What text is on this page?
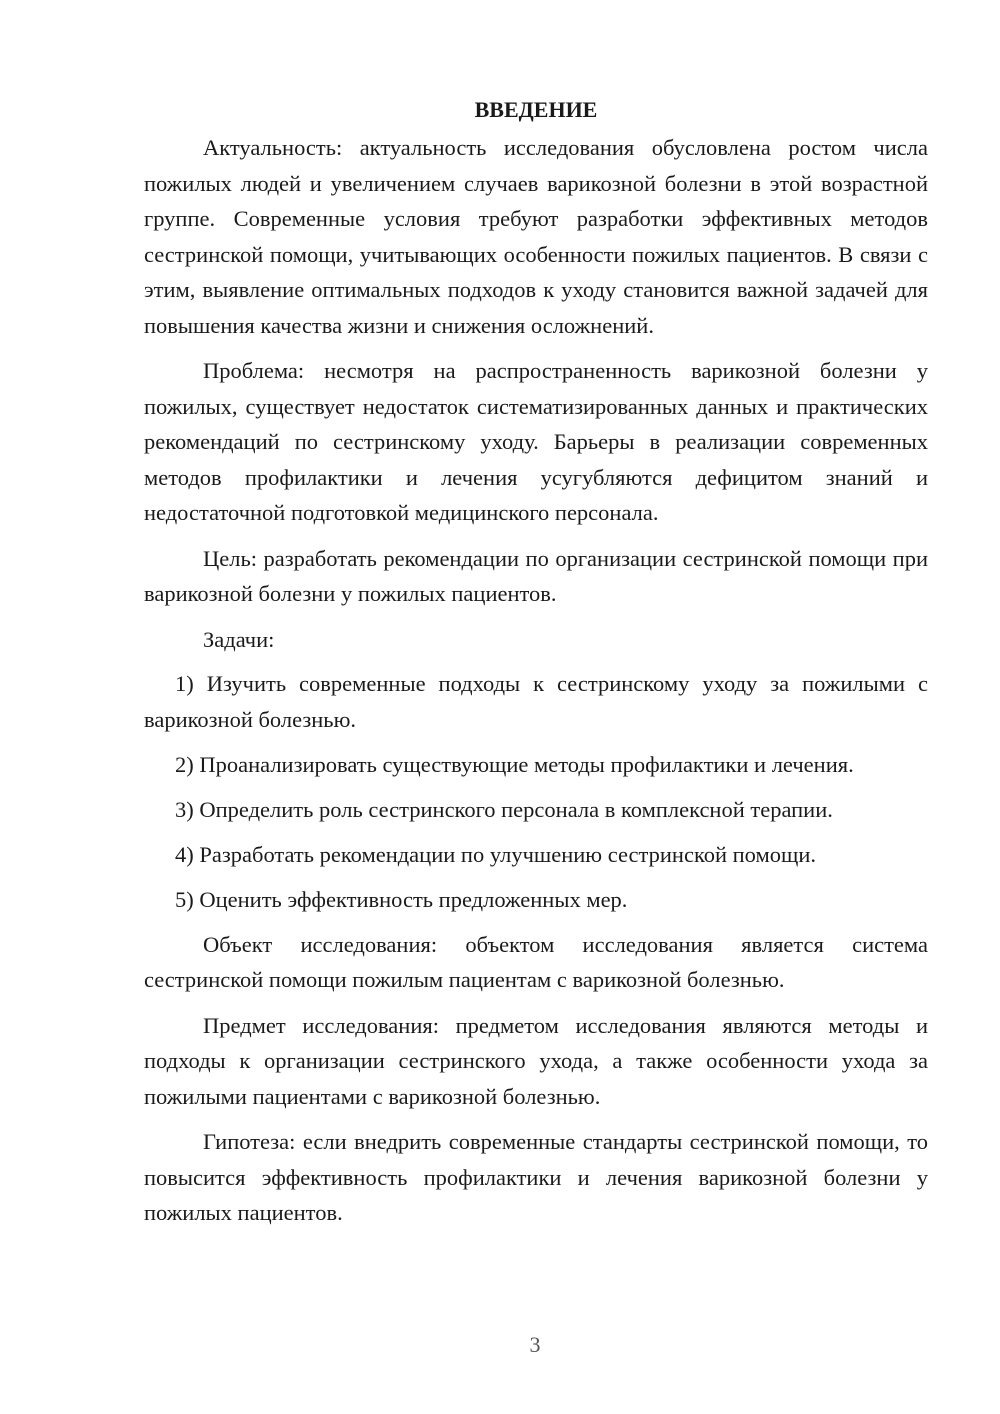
ВВЕДЕНИЕ

Актуальность: актуальность исследования обусловлена ростом числа пожилых людей и увеличением случаев варикозной болезни в этой возрастной группе. Современные условия требуют разработки эффективных методов сестринской помощи, учитывающих особенности пожилых пациентов. В связи с этим, выявление оптимальных подходов к уходу становится важной задачей для повышения качества жизни и снижения осложнений.

Проблема: несмотря на распространенность варикозной болезни у пожилых, существует недостаток систематизированных данных и практических рекомендаций по сестринскому уходу. Барьеры в реализации современных методов профилактики и лечения усугубляются дефицитом знаний и недостаточной подготовкой медицинского персонала.

Цель: разработать рекомендации по организации сестринской помощи при варикозной болезни у пожилых пациентов.

Задачи:

1) Изучить современные подходы к сестринскому уходу за пожилыми с варикозной болезнью.

2) Проанализировать существующие методы профилактики и лечения.

3) Определить роль сестринского персонала в комплексной терапии.

4) Разработать рекомендации по улучшению сестринской помощи.

5) Оценить эффективность предложенных мер.

Объект исследования: объектом исследования является система сестринской помощи пожилым пациентам с варикозной болезнью.

Предмет исследования: предметом исследования являются методы и подходы к организации сестринского ухода, а также особенности ухода за пожилыми пациентами с варикозной болезнью.

Гипотеза: если внедрить современные стандарты сестринской помощи, то повысится эффективность профилактики и лечения варикозной болезни у пожилых пациентов.

3
